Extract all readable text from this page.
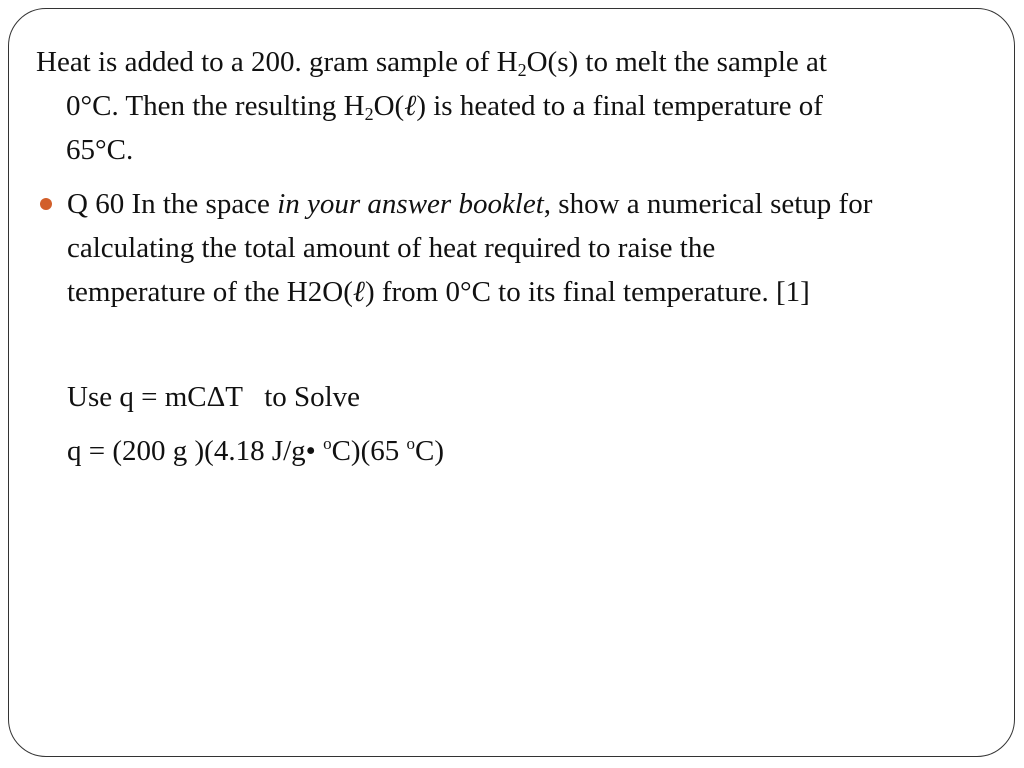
Heat is added to a 200. gram sample of $H_2O(s)$ to melt the sample at
0°C. Then the resulting $H_2O(\ell)$ is heated to a final temperature of
65°C.
Q 60 In the space in your answer booklet, show a numerical setup for
calculating the total amount of heat required to raise the
temperature of the H2O(ℓ) from 0°C to its final temperature. [1]
Use q = mCΔT   to Solve
q = (200 g )(4.18 J/g• $^o$C)(65 $^o$C)
